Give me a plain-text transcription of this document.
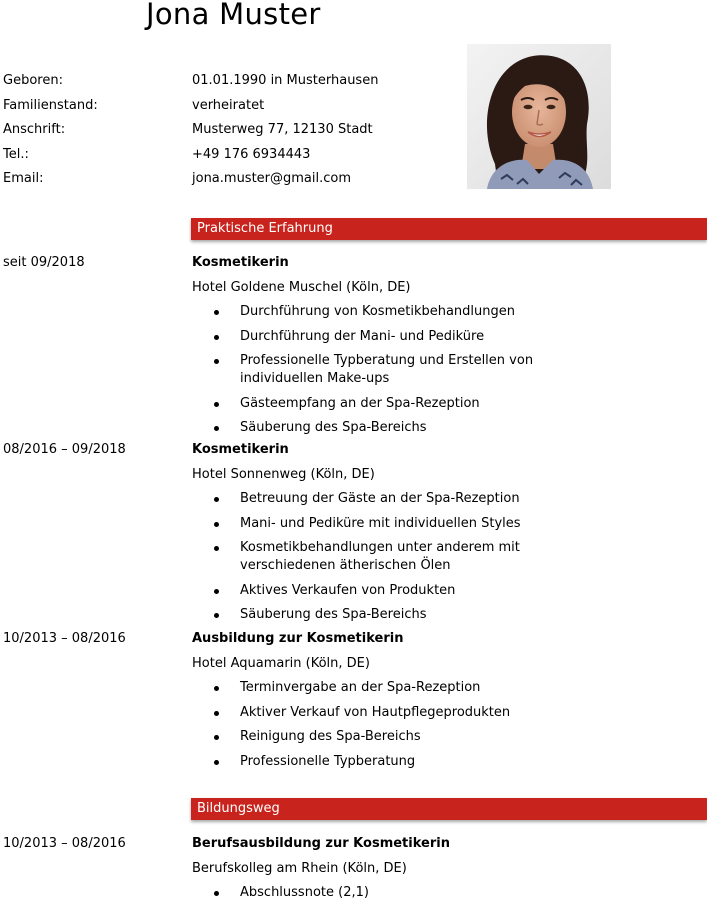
Jona Muster
Geboren:	01.01.1990 in Musterhausen
Familienstand:	verheiratet
Anschrift:	Musterweg 77, 12130 Stadt
Tel.:	+49 176 6934443
Email:	jona.muster@gmail.com
Praktische Erfahrung
seit 09/2018	Kosmetikerin
Hotel Goldene Muschel (Köln, DE)
Durchführung von Kosmetikbehandlungen
Durchführung der Mani- und Pediküre
Professionelle Typberatung und Erstellen von individuellen Make-ups
Gästeempfang an der Spa-Rezeption
Säuberung des Spa-Bereichs
08/2016 – 09/2018	Kosmetikerin
Hotel Sonnenweg (Köln, DE)
Betreuung der Gäste an der Spa-Rezeption
Mani- und Pediküre mit individuellen Styles
Kosmetikbehandlungen unter anderem mit verschiedenen ätherischen Ölen
Aktives Verkaufen von Produkten
Säuberung des Spa-Bereichs
10/2013 – 08/2016	Ausbildung zur Kosmetikerin
Hotel Aquamarin (Köln, DE)
Terminvergabe an der Spa-Rezeption
Aktiver Verkauf von Hautpflegeprodukten
Reinigung des Spa-Bereichs
Professionelle Typberatung
Bildungsweg
10/2013 – 08/2016	Berufsausbildung zur Kosmetikerin
Berufskolleg am Rhein (Köln, DE)
Abschlussnote (2,1)
